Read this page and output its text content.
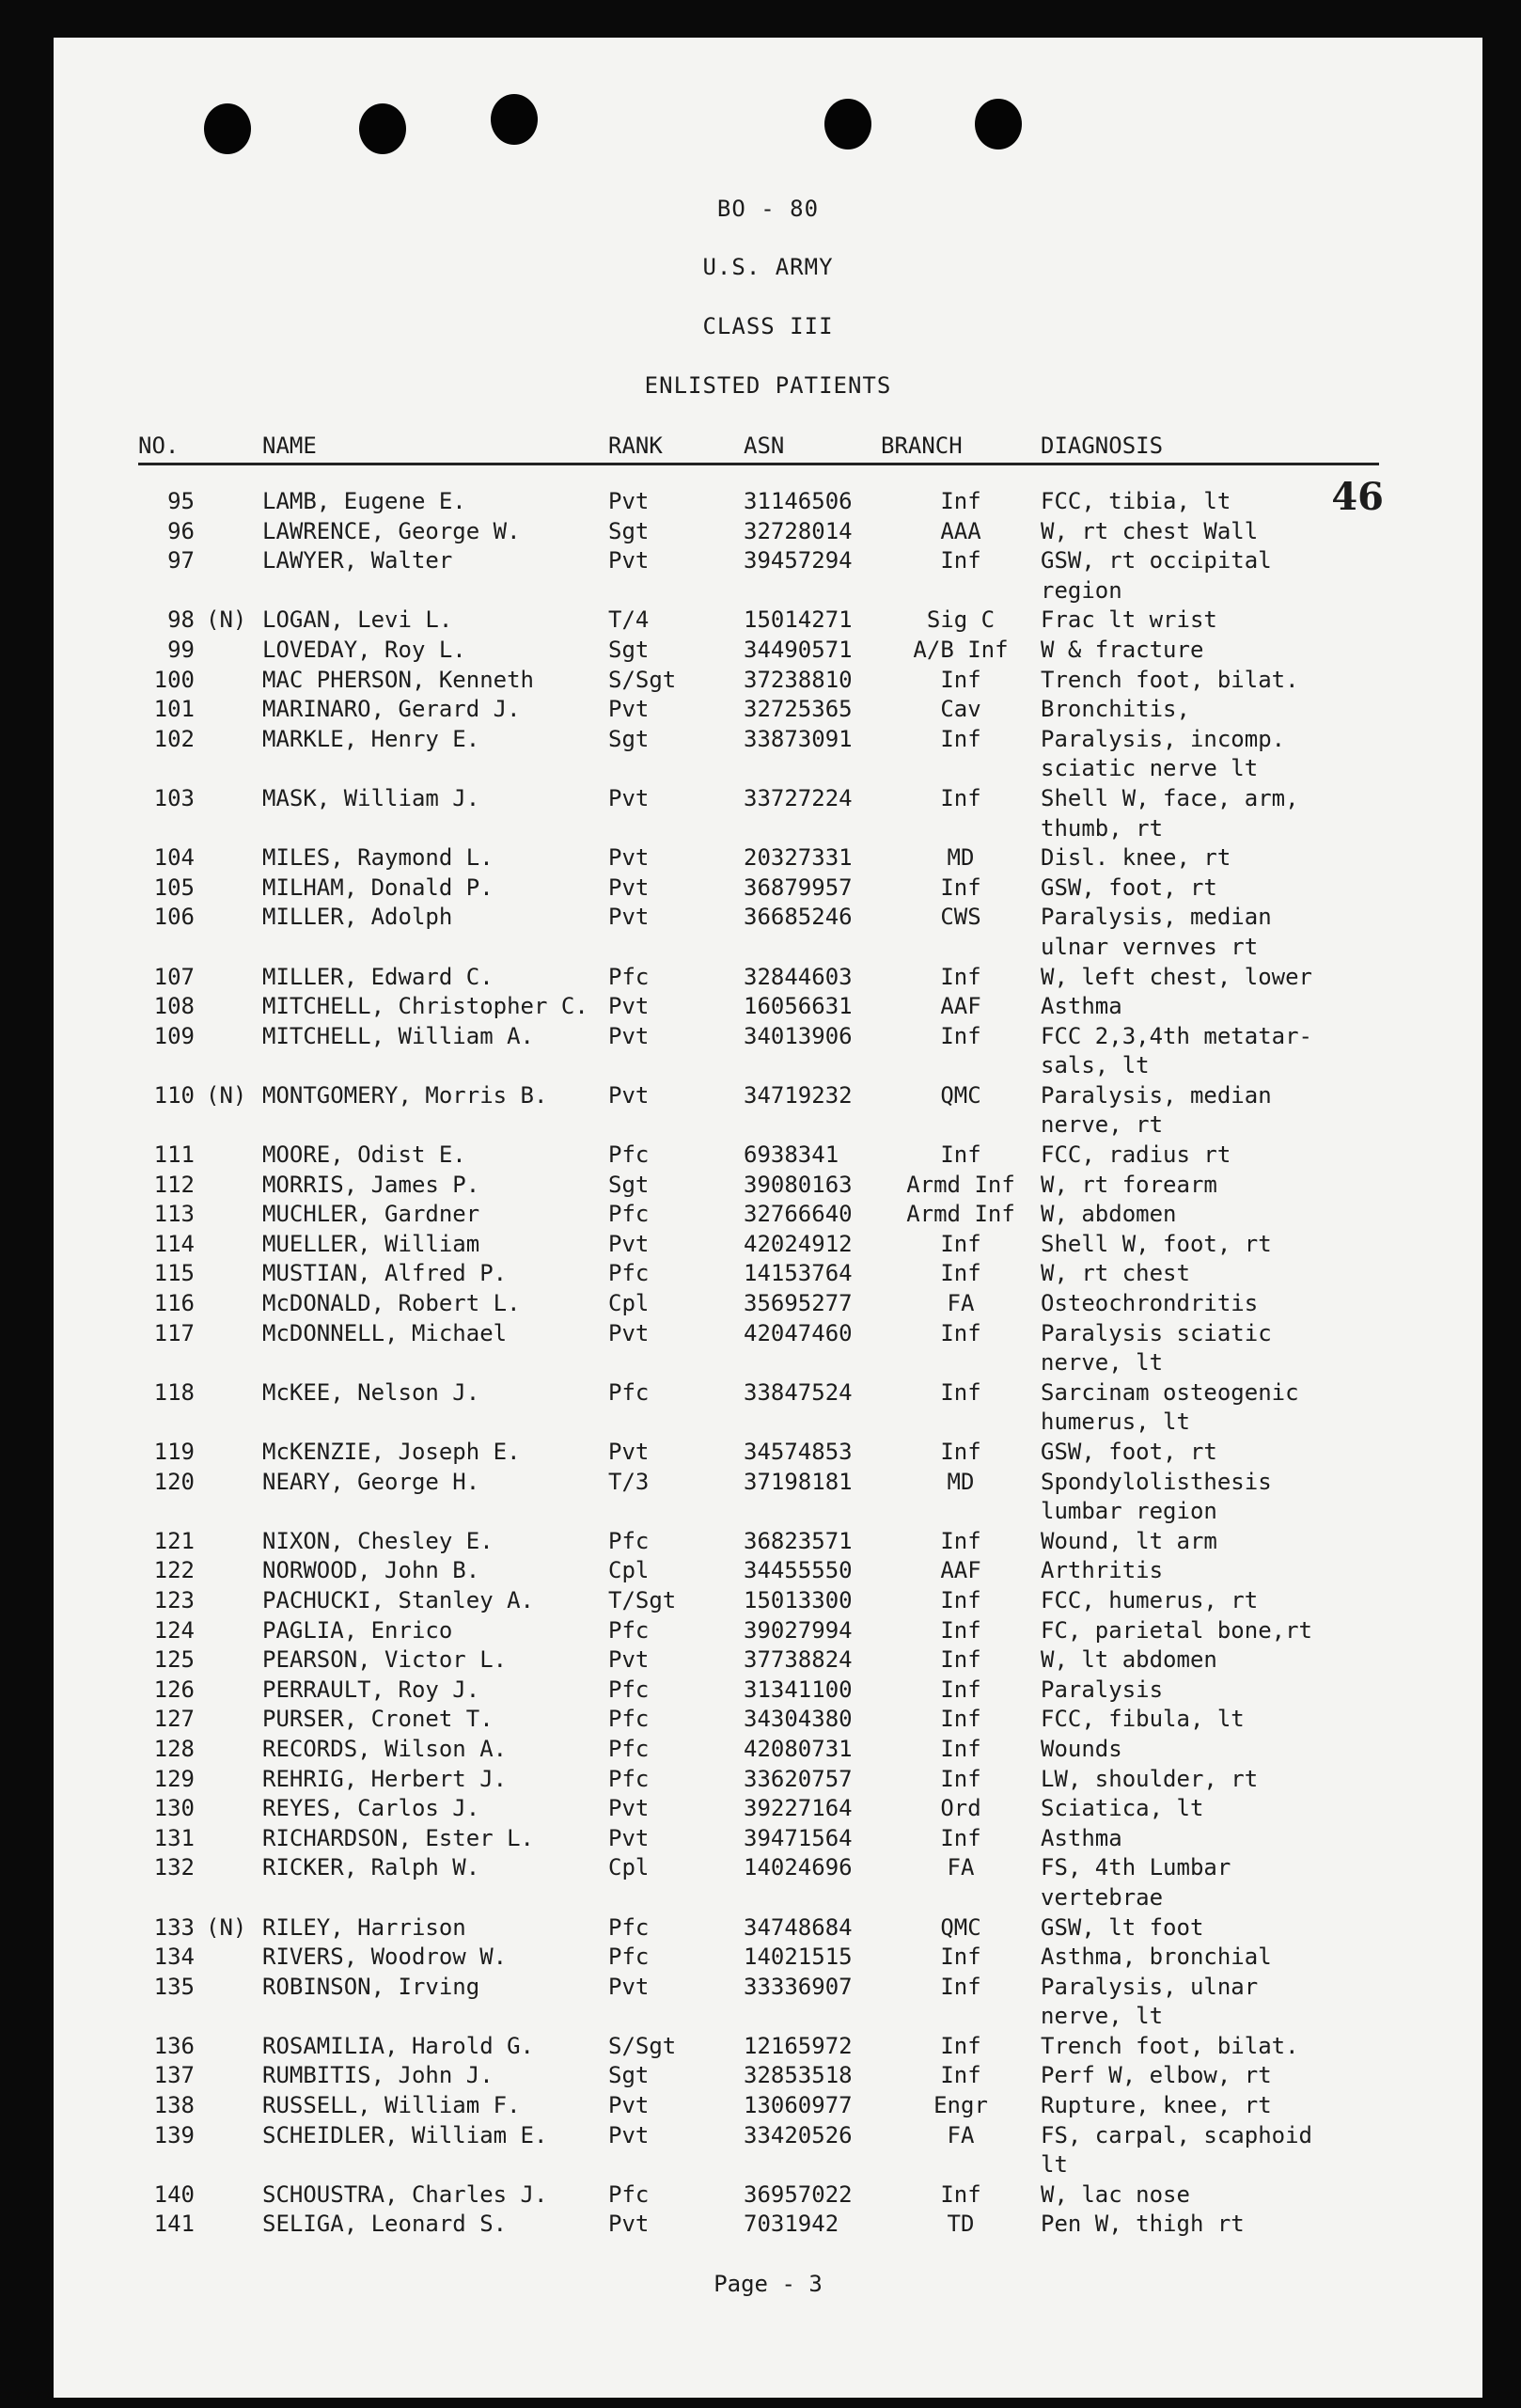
BO - 80
U.S. ARMY
CLASS III
ENLISTED PATIENTS
46
NO.	NAME	RANK	ASN	BRANCH	DIAGNOSIS
95	LAMB, Eugene E.	Pvt	31146506	Inf	FCC, tibia, lt
96	LAWRENCE, George W.	Sgt	32728014	AAA	W, rt chest Wall
97	LAWYER, Walter	Pvt	39457294	Inf	GSW, rt occipital
region
98 (N) LOGAN, Levi L.	T/4	15014271	Sig C	Frac lt wrist
99	LOVEDAY, Roy L.	Sgt	34490571	A/B Inf	W & fracture
100	MAC PHERSON, Kenneth	S/Sgt	37238810	Inf	Trench foot, bilat.
101	MARINARO, Gerard J.	Pvt	32725365	Cav	Bronchitis,
102	MARKLE, Henry E.	Sgt	33873091	Inf	Paralysis, incomp.
sciatic nerve lt
103	MASK, William J.	Pvt	33727224	Inf	Shell W, face, arm,
thumb, rt
104	MILES, Raymond L.	Pvt	20327331	MD	Disl. knee, rt
105	MILHAM, Donald P.	Pvt	36879957	Inf	GSW, foot, rt
106	MILLER, Adolph	Pvt	36685246	CWS	Paralysis, median
ulnar vernves rt
107	MILLER, Edward C.	Pfc	32844603	Inf	W, left chest, lower
108	MITCHELL, Christopher C. Pvt	16056631	AAF	Asthma
109	MITCHELL, William A.	Pvt	34013906	Inf	FCC 2,3,4th metatar-
sals, lt
110 (N) MONTGOMERY, Morris B.	Pvt	34719232	QMC	Paralysis, median
nerve, rt
111	MOORE, Odist E.	Pfc	6938341	Inf	FCC, radius rt
112	MORRIS, James P.	Sgt	39080163	Armd Inf	W, rt forearm
113	MUCHLER, Gardner	Pfc	32766640	Armd Inf	W, abdomen
114	MUELLER, William	Pvt	42024912	Inf	Shell W, foot, rt
115	MUSTIAN, Alfred P.	Pfc	14153764	Inf	W, rt chest
116	McDONALD, Robert L.	Cpl	35695277	FA	Osteochrondritis
117	McDONNELL, Michael	Pvt	42047460	Inf	Paralysis sciatic
nerve, lt
118	McKEE, Nelson J.	Pfc	33847524	Inf	Sarcinam osteogenic
humerus, lt
119	McKENZIE, Joseph E.	Pvt	34574853	Inf	GSW, foot, rt
120	NEARY, George H.	T/3	37198181	MD	Spondylolisthesis
lumbar region
121	NIXON, Chesley E.	Pfc	36823571	Inf	Wound, lt arm
122	NORWOOD, John B.	Cpl	34455550	AAF	Arthritis
123	PACHUCKI, Stanley A.	T/Sgt	15013300	Inf	FCC, humerus, rt
124	PAGLIA, Enrico	Pfc	39027994	Inf	FC, parietal bone,rt
125	PEARSON, Victor L.	Pvt	37738824	Inf	W, lt abdomen
126	PERRAULT, Roy J.	Pfc	31341100	Inf	Paralysis
127	PURSER, Cronet T.	Pfc	34304380	Inf	FCC, fibula, lt
128	RECORDS, Wilson A.	Pfc	42080731	Inf	Wounds
129	REHRIG, Herbert J.	Pfc	33620757	Inf	LW, shoulder, rt
130	REYES, Carlos J.	Pvt	39227164	Ord	Sciatica, lt
131	RICHARDSON, Ester L.	Pvt	39471564	Inf	Asthma
132	RICKER, Ralph W.	Cpl	14024696	FA	FS, 4th Lumbar
vertebrae
133 (N) RILEY, Harrison	Pfc	34748684	QMC	GSW, lt foot
134	RIVERS, Woodrow W.	Pfc	14021515	Inf	Asthma, bronchial
135	ROBINSON, Irving	Pvt	33336907	Inf	Paralysis, ulnar
nerve, lt
136	ROSAMILIA, Harold G.	S/Sgt	12165972	Inf	Trench foot, bilat.
137	RUMBITIS, John J.	Sgt	32853518	Inf	Perf W, elbow, rt
138	RUSSELL, William F.	Pvt	13060977	Engr	Rupture, knee, rt
139	SCHEIDLER, William E.	Pvt	33420526	FA	FS, carpal, scaphoid
lt
140	SCHOUSTRA, Charles J.	Pfc	36957022	Inf	W, lac nose
141	SELIGA, Leonard S.	Pvt	7031942	TD	Pen W, thigh rt
Page - 3
